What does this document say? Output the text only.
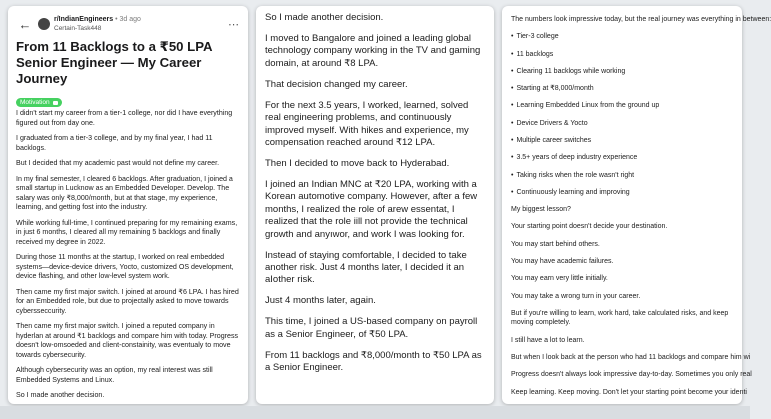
←	r/IndianEngineers • 3d ago
Certain-Task448	⋯
From 11 Backlogs to a ₹50 LPA Senior Engineer — My Career Journey
Motivation

I didn't start my career from a tier-1 college, nor did I have everything figured out from day one.

I graduated from a tier-3 college, and by my final year, I had 11 backlogs.

But I decided that my academic past would not define my career.

In my final semester, I cleared 6 backlogs. After graduation, I joined a small startup in Lucknow as an Embedded Developer. Develop. The salary was only ₹8,000/month, but at that stage, my experience, learning, and getting fost into the industry.

While working full-time, I continued preparing for my remaining exams, in just 6 months, I cleared all my remaining 5 backlogs and finally received my degree in 2022.

During those 11 months at the startup, I worked on real embedded systems—device-device drivers, Yocto, customized OS development, device flashing, and other low-level system work.

Then came my first major switch. I joined at around ₹6 LPA. I has hired for an Embedded role, but due to projectally asked to move towards cybersseccurity.

Then came my first major switch. I joined a reputed company in hyderlan at around ₹1 backlogs and compare him with today. Progress doesn't low-omsoeded and client-constainity, was eventualy to move towards cybersecurity.

Although cybersecurity was an option, my real interest was still Embedded Systems and Linux.

So I made another decision.

So I made another decision.

I moved to Bangalore and joined a leading global technology company working in the TV and gaming domain, at around ₹8 LPA.

That decision changed my career.

For the next 3.5 years, I worked, learned, solved real engineering problems, and continuously improved myself. With hikes and experience, my compensation reached around ₹12 LPA.

Then I decided to move back to Hyderabad.

I joined an Indian MNC at ₹20 LPA, working with a Korean automotive company. However, after a few months, I realized the role of arew essentat, I realized that the role iill not provide the technical growth and anyıwor, and work I was looking for.

Instead of staying comfortable, I decided to take another risk. Just 4 months later, I decided it an aIother risk.

Just 4 months later, again.

This time, I joined a US-based company on payroll as a Senior Engineer, of ₹50 LPA.

From 11 backlogs and ₹8,000/month to ₹50 LPA as a Senior Engineer.

The numbers look impressive today, but the real journey was everything in between:

• Tier-3 college
• 11 backlogs
• Clearing 11 backlogs while working
• Starting at ₹8,000/month
• Learning Embedded Linux from the ground up
• Device Drivers & Yocto
• Multiple career switches
• 3.5+ years of deep industry experience
• Taking risks when the role wasn't right
• Continuously learning and improving

My biggest lesson?

Your starting point doesn't decide your destination.

You may start behind others.

You may have academic failures.

You may earn very little initially.

You may take a wrong turn in your career.

But if you're willing to learn, work hard, take calculated risks, and keep moving completely.

I still have a lot to learn.

But when I look back at the person who had 11 backlogs and compare him wi

Progress doesn't always look impressive day-to-day. Sometimes you only real

Keep learning. Keep moving. Don't let your starting point become your identi
